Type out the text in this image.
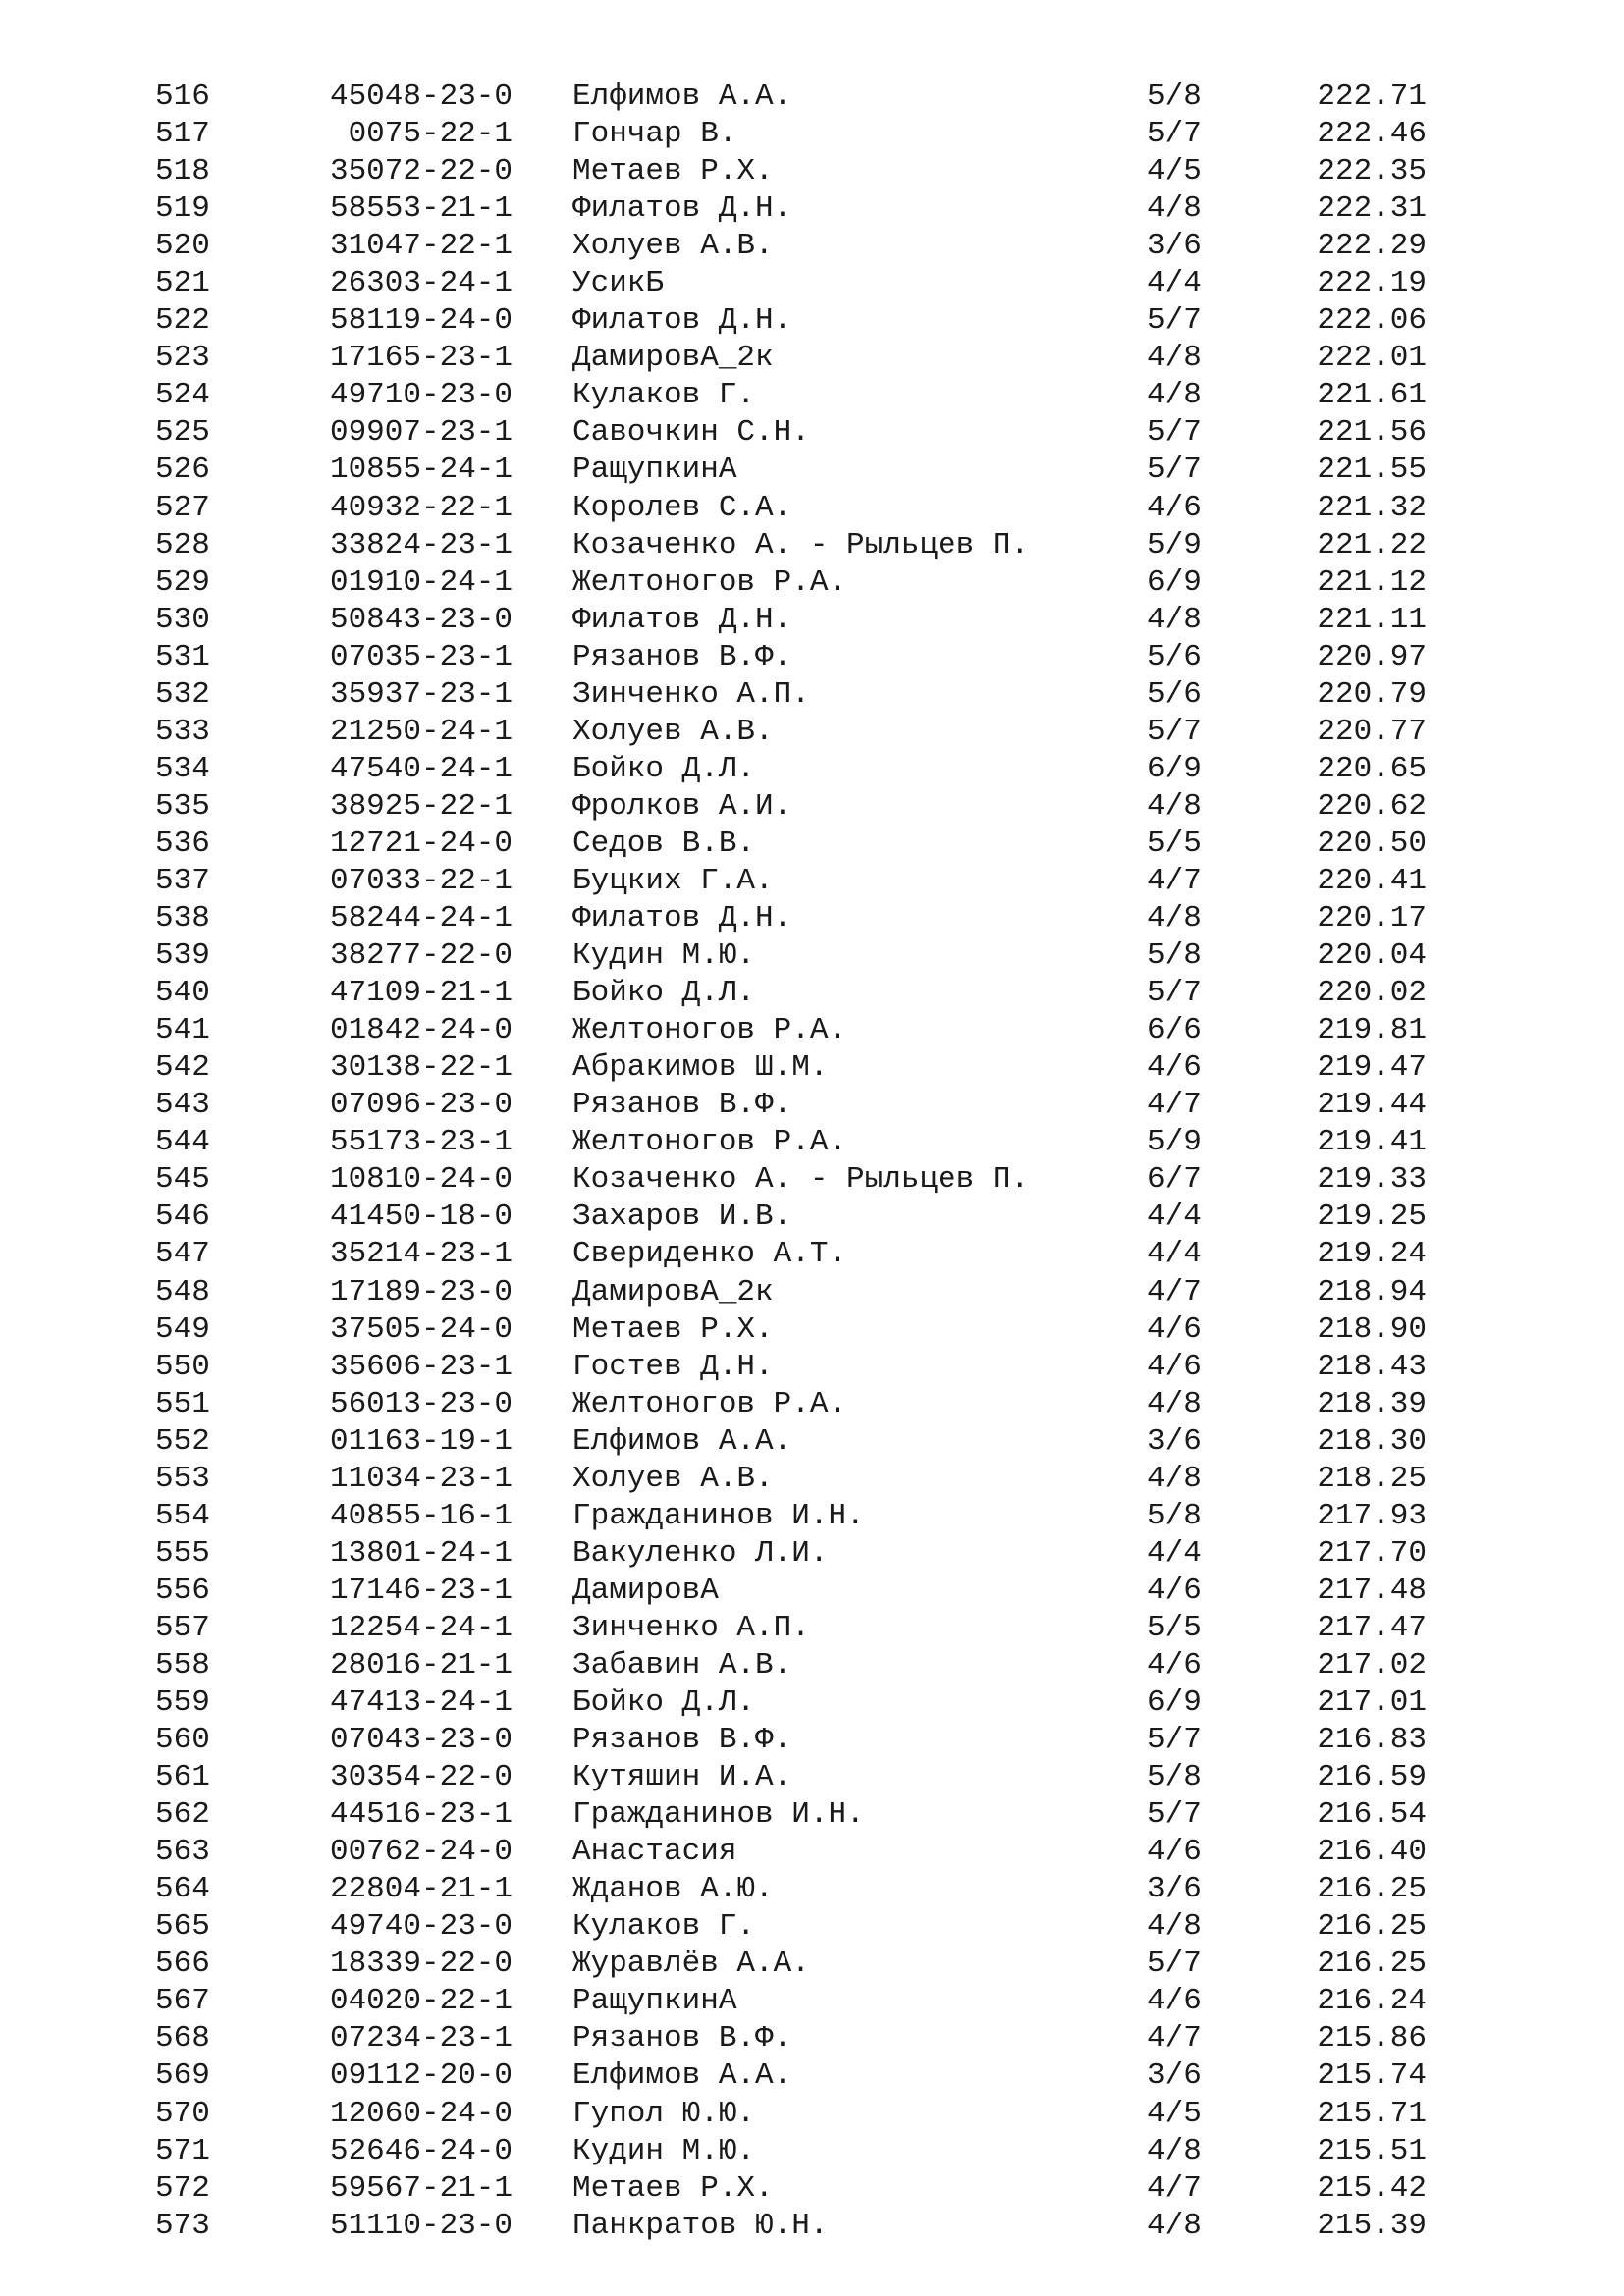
516	45048-23-0 Елфимов А.А.	5/8	222.71
517	0075-22-1 Гончар В.	5/7	222.46
518	35072-22-0 Метаев Р.Х.	4/5	222.35
519	58553-21-1 Филатов Д.Н.	4/8	222.31
520	31047-22-1 Холуев А.В.	3/6	222.29
521	26303-24-1 УсикБ	4/4	222.19
522	58119-24-0 Филатов Д.Н.	5/7	222.06
523	17165-23-1 ДамировА_2к	4/8	222.01
524	49710-23-0 Кулаков Г.	4/8	221.61
525	09907-23-1 Савочкин С.Н.	5/7	221.56
526	10855-24-1 РащупкинА	5/7	221.55
527	40932-22-1 Королев С.А.	4/6	221.32
528	33824-23-1 Козаченко А. - Рыльцев П.	5/9	221.22
529	01910-24-1 Желтоногов Р.А.	6/9	221.12
530	50843-23-0 Филатов Д.Н.	4/8	221.11
531	07035-23-1 Рязанов В.Ф.	5/6	220.97
532	35937-23-1 Зинченко А.П.	5/6	220.79
533	21250-24-1 Холуев А.В.	5/7	220.77
534	47540-24-1 Бойко Д.Л.	6/9	220.65
535	38925-22-1 Фролков А.И.	4/8	220.62
536	12721-24-0 Седов В.В.	5/5	220.50
537	07033-22-1 Буцких Г.А.	4/7	220.41
538	58244-24-1 Филатов Д.Н.	4/8	220.17
539	38277-22-0 Кудин М.Ю.	5/8	220.04
540	47109-21-1 Бойко Д.Л.	5/7	220.02
541	01842-24-0 Желтоногов Р.А.	6/6	219.81
542	30138-22-1 Абракимов Ш.М.	4/6	219.47
543	07096-23-0 Рязанов В.Ф.	4/7	219.44
544	55173-23-1 Желтоногов Р.А.	5/9	219.41
545	10810-24-0 Козаченко А. - Рыльцев П.	6/7	219.33
546	41450-18-0 Захаров И.В.	4/4	219.25
547	35214-23-1 Свериденко А.Т.	4/4	219.24
548	17189-23-0 ДамировА_2к	4/7	218.94
549	37505-24-0 Метаев Р.Х.	4/6	218.90
550	35606-23-1 Гостев Д.Н.	4/6	218.43
551	56013-23-0 Желтоногов Р.А.	4/8	218.39
552	01163-19-1 Елфимов А.А.	3/6	218.30
553	11034-23-1 Холуев А.В.	4/8	218.25
554	40855-16-1 Гражданинов И.Н.	5/8	217.93
555	13801-24-1 Вакуленко Л.И.	4/4	217.70
556	17146-23-1 ДамировА	4/6	217.48
557	12254-24-1 Зинченко А.П.	5/5	217.47
558	28016-21-1 Забавин А.В.	4/6	217.02
559	47413-24-1 Бойко Д.Л.	6/9	217.01
560	07043-23-0 Рязанов В.Ф.	5/7	216.83
561	30354-22-0 Кутяшин И.А.	5/8	216.59
562	44516-23-1 Гражданинов И.Н.	5/7	216.54
563	00762-24-0 Анастасия	4/6	216.40
564	22804-21-1 Жданов А.Ю.	3/6	216.25
565	49740-23-0 Кулаков Г.	4/8	216.25
566	18339-22-0 Журавлёв А.А.	5/7	216.25
567	04020-22-1 РащупкинА	4/6	216.24
568	07234-23-1 Рязанов В.Ф.	4/7	215.86
569	09112-20-0 Елфимов А.А.	3/6	215.74
570	12060-24-0 Гупол Ю.Ю.	4/5	215.71
571	52646-24-0 Кудин М.Ю.	4/8	215.51
572	59567-21-1 Метаев Р.Х.	4/7	215.42
573	51110-23-0 Панкратов Ю.Н.	4/8	215.39
